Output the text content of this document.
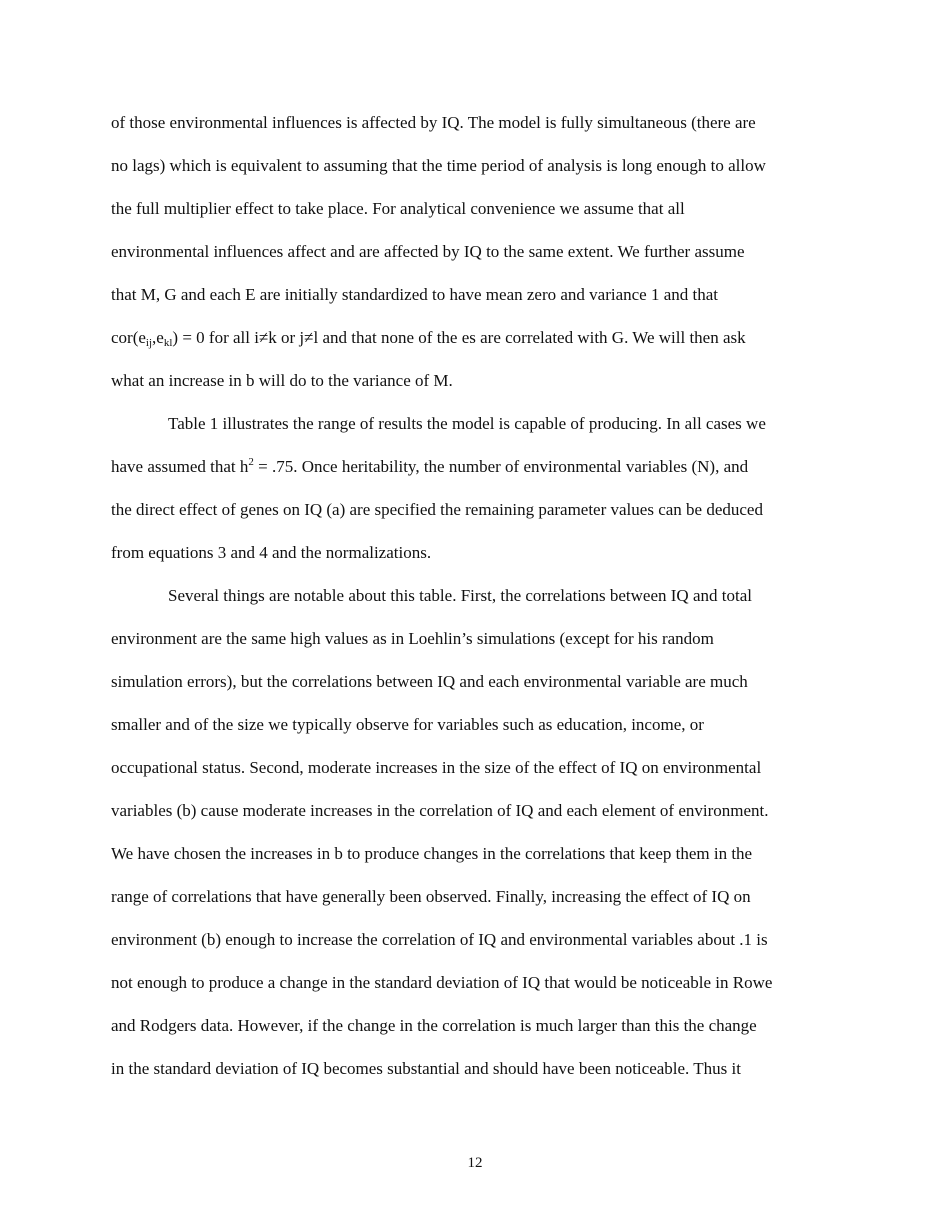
of those environmental influences is affected by IQ. The model is fully simultaneous (there are
no lags) which is equivalent to assuming that the time period of analysis is long enough to allow
the full multiplier effect to take place. For analytical convenience we assume that all
environmental influences affect and are affected by IQ to the same extent. We further assume
that M, G and each E are initially standardized to have mean zero and variance 1 and that
$cor(e_{ij},e_{kl}) = 0$ for all i≠k or j≠l and that none of the es are correlated with G. We will then ask
what an increase in b will do to the variance of M.
Table 1 illustrates the range of results the model is capable of producing. In all cases we
have assumed that $h^2 = .75$. Once heritability, the number of environmental variables (N), and
the direct effect of genes on IQ (a) are specified the remaining parameter values can be deduced
from equations 3 and 4 and the normalizations.
Several things are notable about this table. First, the correlations between IQ and total
environment are the same high values as in Loehlin’s simulations (except for his random
simulation errors), but the correlations between IQ and each environmental variable are much
smaller and of the size we typically observe for variables such as education, income, or
occupational status. Second, moderate increases in the size of the effect of IQ on environmental
variables (b) cause moderate increases in the correlation of IQ and each element of environment.
We have chosen the increases in b to produce changes in the correlations that keep them in the
range of correlations that have generally been observed. Finally, increasing the effect of IQ on
environment (b) enough to increase the correlation of IQ and environmental variables about .1 is
not enough to produce a change in the standard deviation of IQ that would be noticeable in Rowe
and Rodgers data. However, if the change in the correlation is much larger than this the change
in the standard deviation of IQ becomes substantial and should have been noticeable. Thus it
12
